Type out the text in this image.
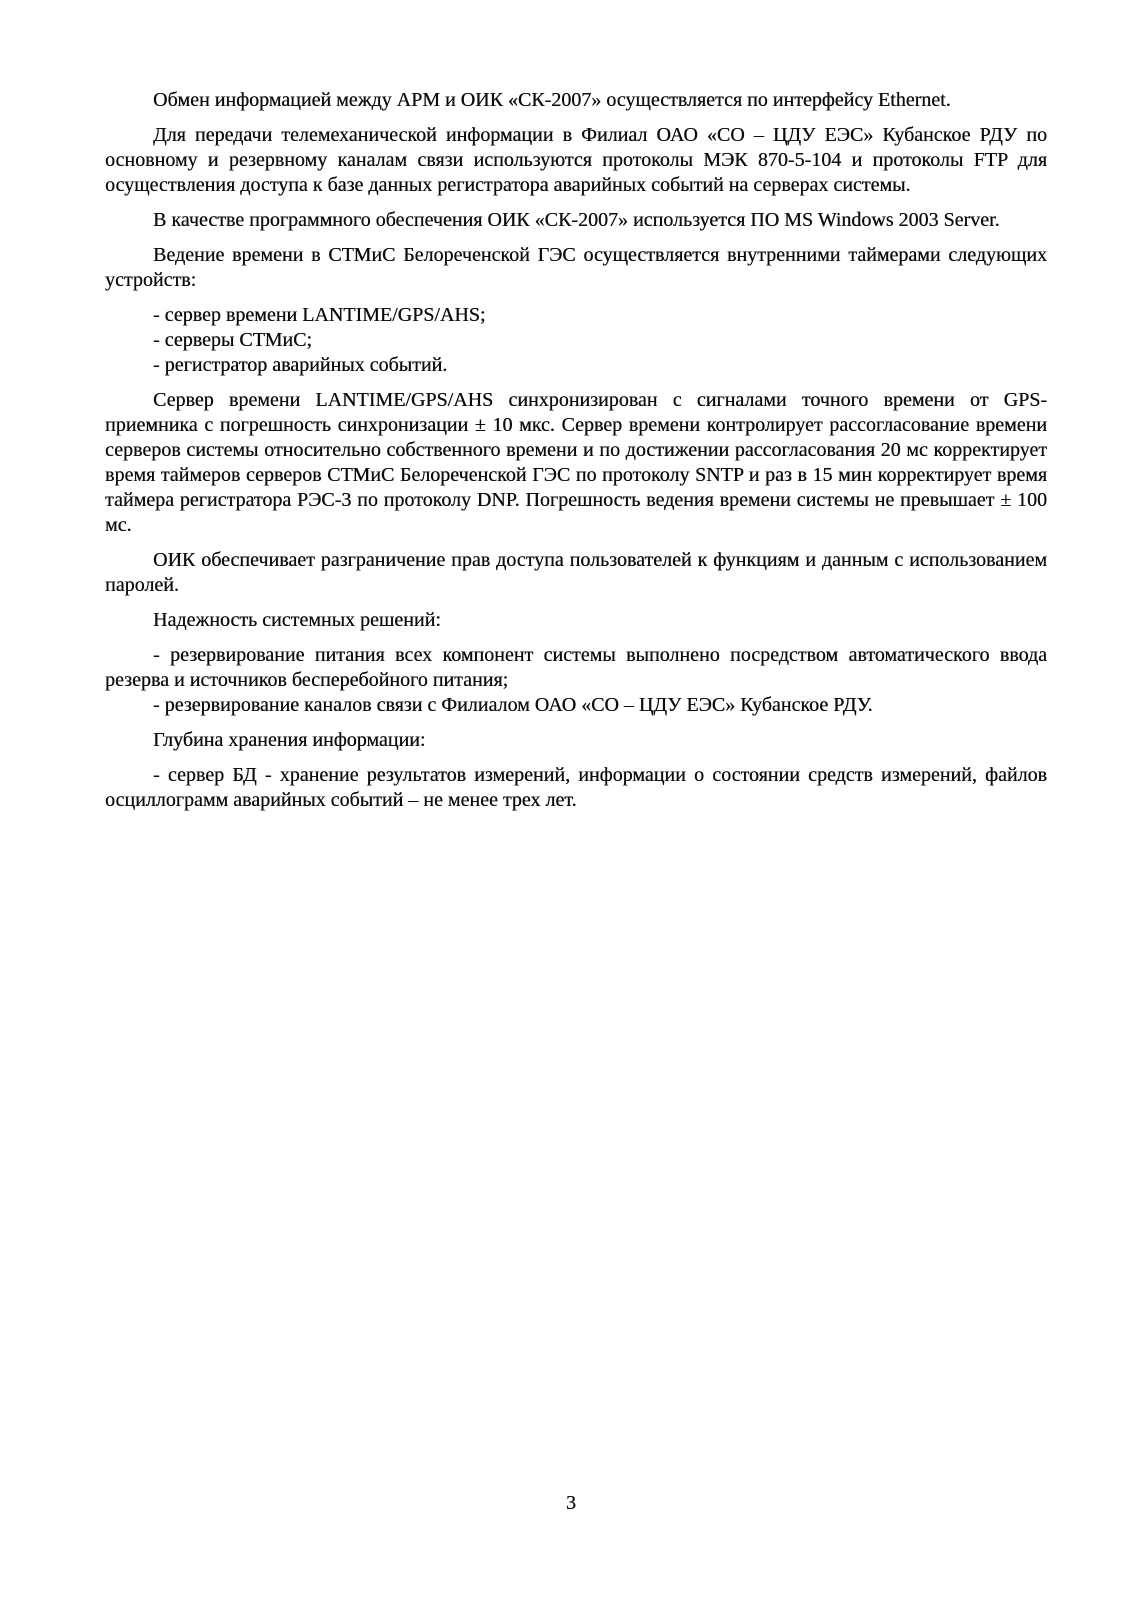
Обмен информацией между АРМ и ОИК «СК-2007» осуществляется по интерфейсу Ethernet.

Для передачи телемеханической информации в Филиал ОАО «СО – ЦДУ ЕЭС» Кубанское РДУ по основному и резервному каналам связи используются протоколы МЭК 870-5-104 и протоколы FTP для осуществления доступа к базе данных регистратора аварийных событий на серверах системы.

В качестве программного обеспечения ОИК «СК-2007» используется ПО MS Windows 2003 Server.

Ведение времени в СТМиС Белореченской ГЭС осуществляется внутренними таймерами следующих устройств:

- сервер времени LANTIME/GPS/AHS;

- серверы СТМиС;

- регистратор аварийных событий.

Сервер времени LANTIME/GPS/AHS синхронизирован с сигналами точного времени от GPS-приемника с погрешность синхронизации ± 10 мкс. Сервер времени контролирует рассогласование времени серверов системы относительно собственного времени и по достижении рассогласования 20 мс корректирует время таймеров серверов СТМиС Белореченской ГЭС по протоколу SNTP и раз в 15 мин корректирует время таймера регистратора РЭС-3 по протоколу DNP. Погрешность ведения времени системы не превышает ± 100 мс.

ОИК обеспечивает разграничение прав доступа пользователей к функциям и данным с использованием паролей.

Надежность системных решений:

- резервирование питания всех компонент системы выполнено посредством автоматического ввода резерва и источников бесперебойного питания;

- резервирование каналов связи с Филиалом ОАО «СО – ЦДУ ЕЭС» Кубанское РДУ.

Глубина хранения информации:

- сервер БД - хранение результатов измерений, информации о состоянии средств измерений, файлов осциллограмм аварийных событий – не менее трех лет.

3
